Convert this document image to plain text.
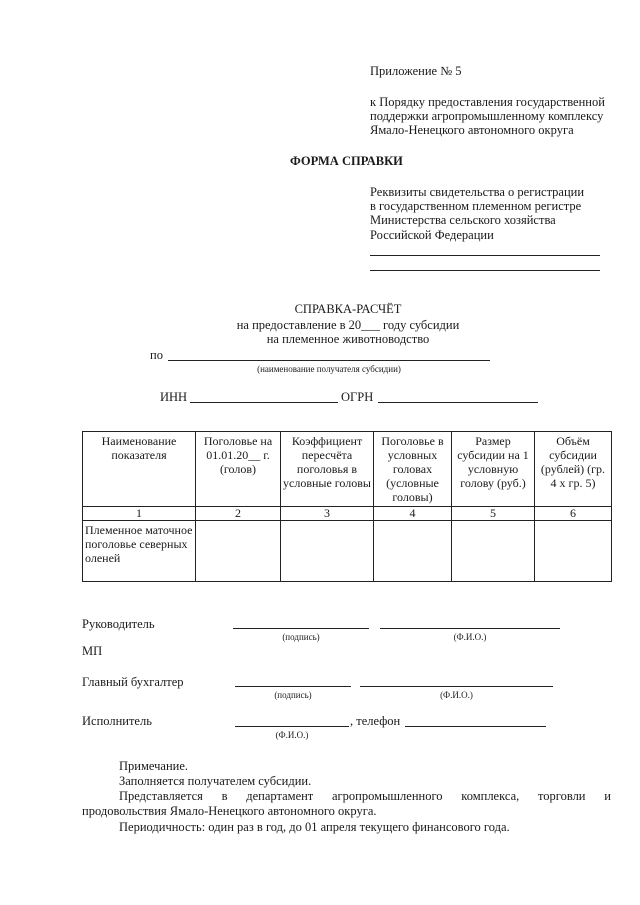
Приложение № 5
к Порядку предоставления государственной
поддержки агропромышленному комплексу
Ямало-Ненецкого автономного округа
ФОРМА СПРАВКИ
Реквизиты свидетельства о регистрации
в государственном племенном регистре
Министерства сельского хозяйства
Российской Федерации
СПРАВКА-РАСЧЁТ
на предоставление в 20___ году субсидии
на племенное животноводство
по
(наименование получателя субсидии)
ИНН	ОГРН
Наименование показателя	Поголовье на 01.01.20__ г. (голов)	Коэффициент пересчёта поголовья в условные головы	Поголовье в условных головах (условные головы)	Размер субсидии на 1 условную голову (руб.)	Объём субсидии (рублей) (гр. 4 х гр. 5)
1	2	3	4	5	6
Племенное маточное поголовье северных оленей					
Руководитель
(подпись)	(Ф.И.О.)
МП
Главный бухгалтер
(подпись)	(Ф.И.О.)
Исполнитель	, телефон
(Ф.И.О.)
Примечание.
Заполняется получателем субсидии.
Представляется в департамент агропромышленного комплекса, торговли и
продовольствия Ямало-Ненецкого автономного округа.
Периодичность: один раз в год, до 01 апреля текущего финансового года.
